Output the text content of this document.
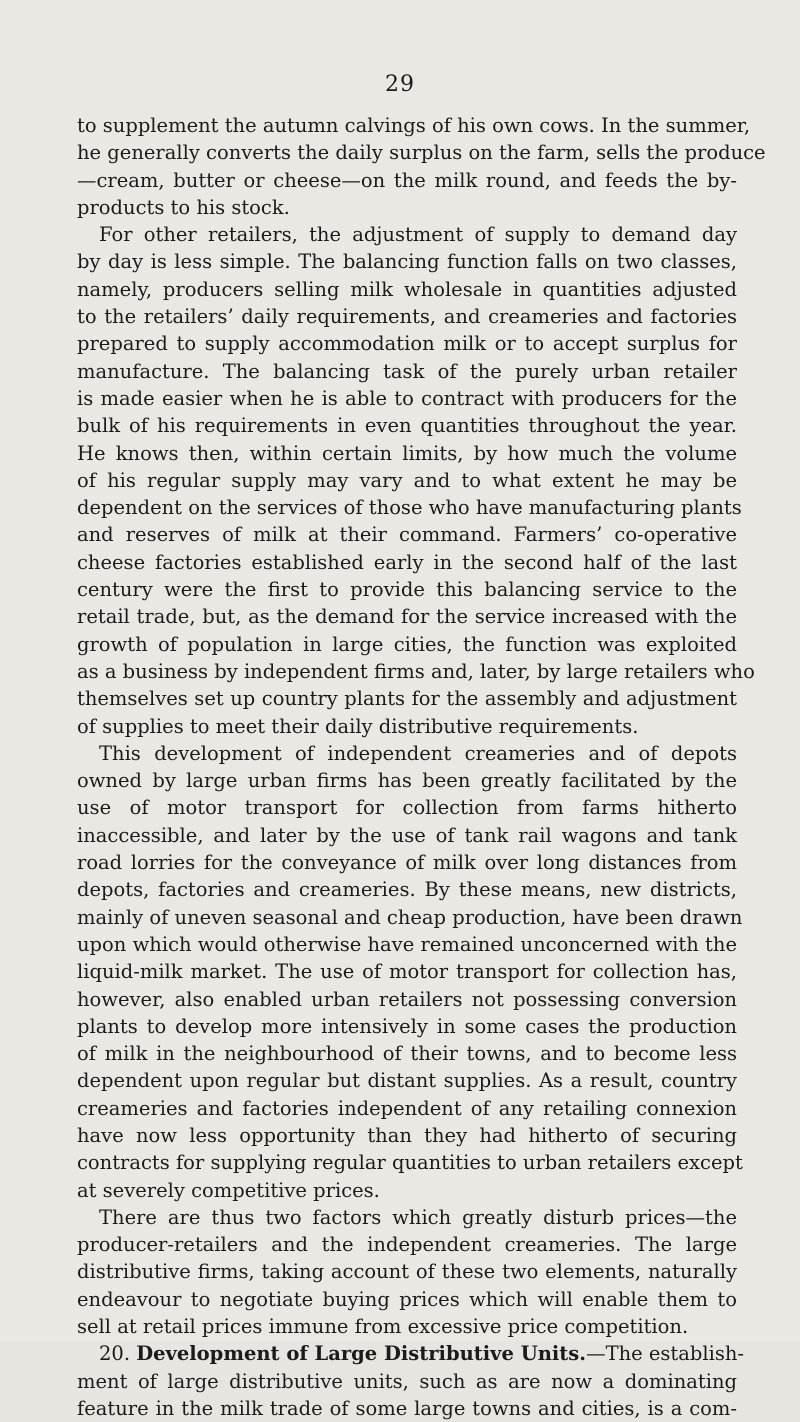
29
to supplement the autumn calvings of his own cows. In the summer,
he generally converts the daily surplus on the farm, sells the produce
—cream, butter or cheese—on the milk round, and feeds the by-
products to his stock.
For other retailers, the adjustment of supply to demand day
by day is less simple. The balancing function falls on two classes,
namely, producers selling milk wholesale in quantities adjusted
to the retailers’ daily requirements, and creameries and factories
prepared to supply accommodation milk or to accept surplus for
manufacture. The balancing task of the purely urban retailer
is made easier when he is able to contract with producers for the
bulk of his requirements in even quantities throughout the year.
He knows then, within certain limits, by how much the volume
of his regular supply may vary and to what extent he may be
dependent on the services of those who have manufacturing plants
and reserves of milk at their command. Farmers’ co-operative
cheese factories established early in the second half of the last
century were the first to provide this balancing service to the
retail trade, but, as the demand for the service increased with the
growth of population in large cities, the function was exploited
as a business by independent firms and, later, by large retailers who
themselves set up country plants for the assembly and adjustment
of supplies to meet their daily distributive requirements.
This development of independent creameries and of depots
owned by large urban firms has been greatly facilitated by the
use of motor transport for collection from farms hitherto
inaccessible, and later by the use of tank rail wagons and tank
road lorries for the conveyance of milk over long distances from
depots, factories and creameries. By these means, new districts,
mainly of uneven seasonal and cheap production, have been drawn
upon which would otherwise have remained unconcerned with the
liquid-milk market. The use of motor transport for collection has,
however, also enabled urban retailers not possessing conversion
plants to develop more intensively in some cases the production
of milk in the neighbourhood of their towns, and to become less
dependent upon regular but distant supplies. As a result, country
creameries and factories independent of any retailing connexion
have now less opportunity than they had hitherto of securing
contracts for supplying regular quantities to urban retailers except
at severely competitive prices.
There are thus two factors which greatly disturb prices—the
producer-retailers and the independent creameries. The large
distributive firms, taking account of these two elements, naturally
endeavour to negotiate buying prices which will enable them to
sell at retail prices immune from excessive price competition.
20. Development of Large Distributive Units.—The establish-
ment of large distributive units, such as are now a dominating
feature in the milk trade of some large towns and cities, is a com-
